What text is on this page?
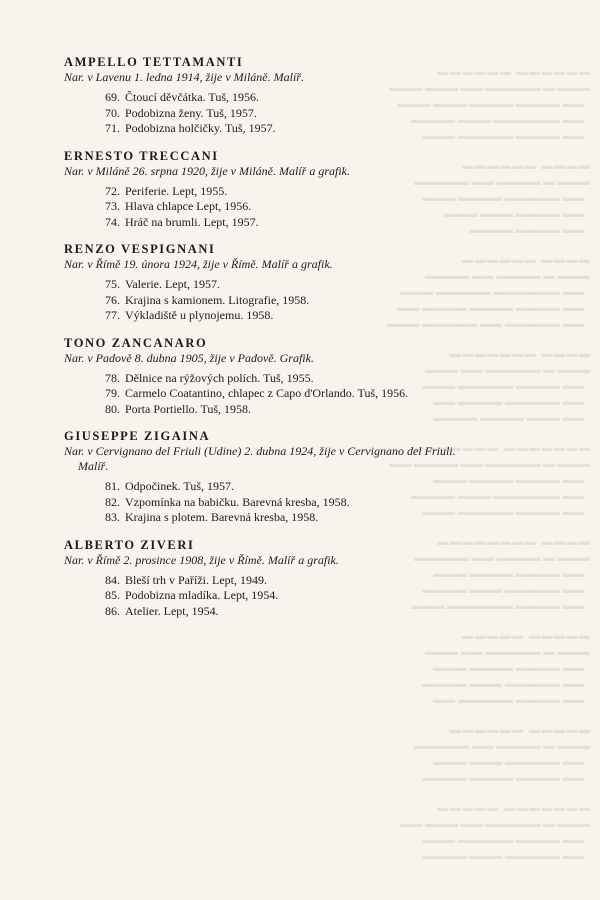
▬▬▬▬▬▬ ▬▬▬▬▬▬
▬▬▬ ▬ ▬▬▬▬▬ ▬▬ ▬▬▬ ▬▬▬
▬▬ ▬▬▬▬ ▬▬▬▬ ▬▬▬ ▬▬▬
▬▬ ▬▬▬▬▬▬ ▬▬▬ ▬▬▬▬
▬▬ ▬▬▬▬ ▬▬▬▬▬ ▬▬▬
▬▬▬▬ ▬▬▬▬▬▬
▬▬▬ ▬ ▬▬▬▬ ▬▬ ▬▬▬▬▬
▬▬ ▬▬▬▬▬ ▬▬▬▬ ▬▬▬
▬▬ ▬▬▬▬ ▬▬▬ ▬▬▬
▬▬ ▬▬▬▬ ▬▬▬▬
▬▬▬▬ ▬▬▬▬▬▬
▬▬▬ ▬ ▬▬▬▬ ▬▬ ▬▬▬▬
▬▬ ▬▬▬▬▬▬ ▬▬▬▬▬ ▬▬▬
▬▬ ▬▬▬▬ ▬▬▬▬ ▬▬▬▬ ▬▬
▬▬ ▬▬▬▬▬ ▬▬ ▬▬▬▬▬ ▬▬▬
▬▬▬▬ ▬▬▬▬▬▬▬
▬▬▬ ▬ ▬▬▬▬▬ ▬▬ ▬▬▬
▬▬ ▬▬▬▬ ▬▬▬▬▬ ▬▬▬
▬▬ ▬▬▬▬▬ ▬▬▬▬ ▬▬
▬▬ ▬▬▬ ▬▬▬▬ ▬▬▬▬
▬▬▬▬▬▬▬ ▬▬▬▬▬▬▬
▬▬▬ ▬ ▬▬▬▬▬ ▬▬ ▬▬▬▬ ▬▬
▬▬ ▬▬▬▬ ▬▬▬▬ ▬▬▬
▬▬ ▬▬▬▬▬▬ ▬▬▬ ▬▬▬▬
▬▬ ▬▬▬▬ ▬▬▬▬▬ ▬▬▬
▬▬▬▬ ▬▬▬▬▬▬▬▬
▬▬▬ ▬ ▬▬▬▬ ▬▬ ▬▬▬▬▬
▬▬ ▬▬▬▬ ▬▬▬▬ ▬▬▬
▬▬ ▬▬▬▬▬ ▬▬▬ ▬▬▬▬
▬▬ ▬▬▬▬ ▬▬▬▬▬▬ ▬▬▬
▬▬▬▬▬ ▬▬▬▬▬
▬▬▬ ▬ ▬▬▬▬▬ ▬▬ ▬▬▬
▬▬ ▬▬▬▬ ▬▬▬▬ ▬▬▬
▬▬ ▬▬▬▬▬ ▬▬▬ ▬▬▬▬
▬▬ ▬▬▬▬ ▬▬▬▬▬ ▬▬
▬▬▬▬▬ ▬▬▬▬▬▬
▬▬▬ ▬ ▬▬▬▬ ▬▬ ▬▬▬▬▬
▬▬ ▬▬▬▬▬ ▬▬▬ ▬▬▬
▬▬ ▬▬▬▬ ▬▬▬▬ ▬▬▬▬
▬▬▬▬▬▬▬ ▬▬▬▬▬
▬▬▬ ▬ ▬▬▬▬▬ ▬▬ ▬▬▬ ▬▬
▬▬ ▬▬▬▬ ▬▬▬▬▬ ▬▬▬
▬▬ ▬▬▬▬▬ ▬▬▬ ▬▬▬▬
AMPELLO TETTAMANTI

Nar. v Lavenu 1. ledna 1914, žije v Miláně. Malíř.

69. Čtoucí děvčátka. Tuš, 1956.
70. Podobizna ženy. Tuš, 1957.
71. Podobizna holčičky. Tuš, 1957.
ERNESTO TRECCANI

Nar. v Miláně 26. srpna 1920, žije v Miláně. Malíř a grafik.

72. Periferie. Lept, 1955.
73. Hlava chlapce Lept, 1956.
74. Hráč na brumli. Lept, 1957.
RENZO VESPIGNANI

Nar. v Římě 19. února 1924, žije v Římě. Malíř a grafik.

75. Valerie. Lept, 1957.
76. Krajina s kamionem. Litografie, 1958.
77. Výkladiště u plynojemu. 1958.
TONO ZANCANARO

Nar. v Padově 8. dubna 1905, žije v Padově. Grafik.

78. Dělnice na rýžových polích. Tuš, 1955.
79. Carmelo Coatantino, chlapec z Capo d'Orlando. Tuš, 1956.
80. Porta Portiello. Tuš, 1958.
GIUSEPPE ZIGAINA

Nar. v Cervignano del Friuli (Udine) 2. dubna 1924, žije v Cervignano del Friuli. Malíř.

81. Odpočinek. Tuš, 1957.
82. Vzpomínka na babičku. Barevná kresba, 1958.
83. Krajina s plotem. Barevná kresba, 1958.
ALBERTO ZIVERI

Nar. v Římě 2. prosince 1908, žije v Římě. Malíř a grafik.

84. Bleší trh v Paříži. Lept, 1949.
85. Podobizna mladíka. Lept, 1954.
86. Atelier. Lept, 1954.
